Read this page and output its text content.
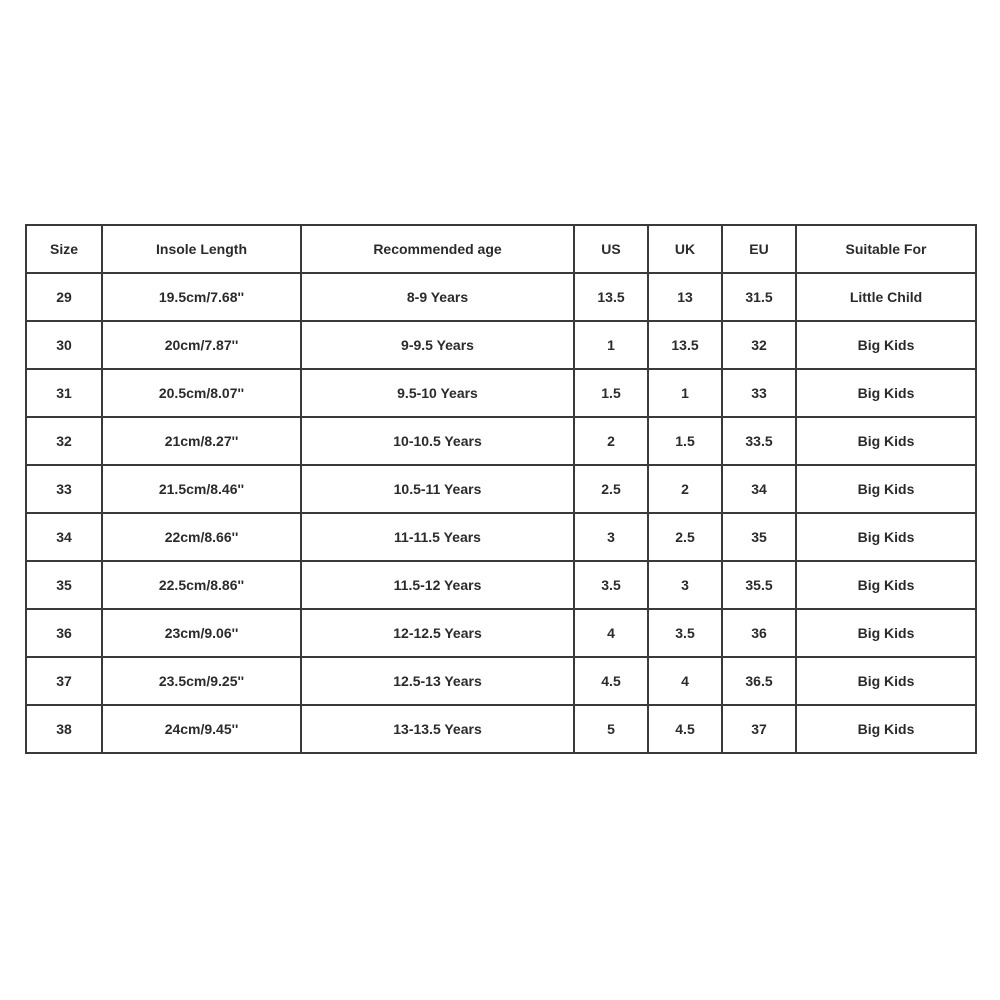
Size	Insole Length	Recommended age	US	UK	EU	Suitable For
29	19.5cm/7.68''	8-9 Years	13.5	13	31.5	Little Child
30	20cm/7.87''	9-9.5 Years	1	13.5	32	Big Kids
31	20.5cm/8.07''	9.5-10 Years	1.5	1	33	Big Kids
32	21cm/8.27''	10-10.5 Years	2	1.5	33.5	Big Kids
33	21.5cm/8.46''	10.5-11 Years	2.5	2	34	Big Kids
34	22cm/8.66''	11-11.5 Years	3	2.5	35	Big Kids
35	22.5cm/8.86''	11.5-12 Years	3.5	3	35.5	Big Kids
36	23cm/9.06''	12-12.5 Years	4	3.5	36	Big Kids
37	23.5cm/9.25''	12.5-13 Years	4.5	4	36.5	Big Kids
38	24cm/9.45''	13-13.5 Years	5	4.5	37	Big Kids
